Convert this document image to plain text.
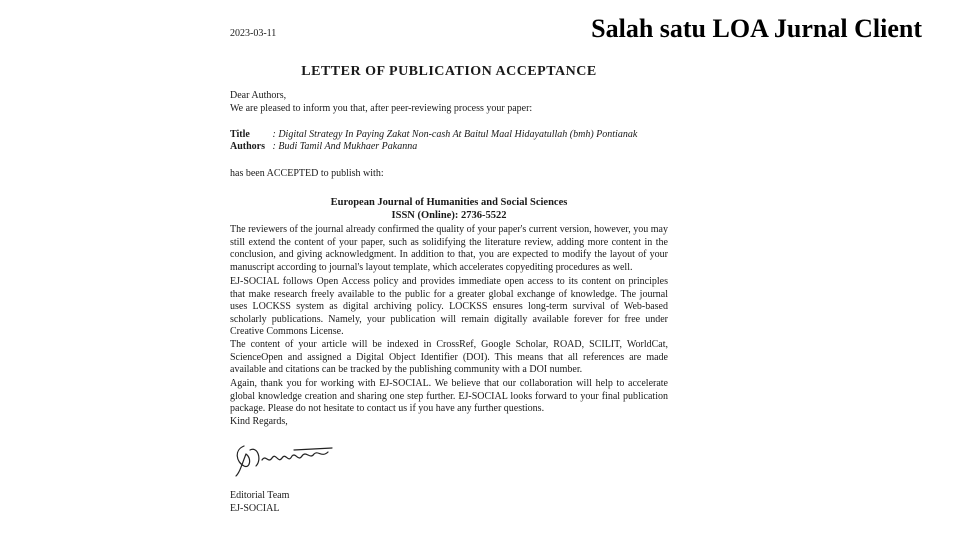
Salah satu LOA Jurnal Client
2023-03-11
LETTER OF PUBLICATION ACCEPTANCE
Dear Authors,
We are pleased to inform you that, after peer-reviewing process your paper:
Title : Digital Strategy In Paying Zakat Non-cash At Baitul Maal Hidayatullah (bmh) Pontianak
Authors : Budi Tamil And Mukhaer Pakanna
has been ACCEPTED to publish with:
European Journal of Humanities and Social Sciences
ISSN (Online): 2736-5522
The reviewers of the journal already confirmed the quality of your paper's current version, however, you may still extend the content of your paper, such as solidifying the literature review, adding more content in the conclusion, and giving acknowledgment. In addition to that, you are expected to modify the layout of your manuscript according to journal's layout template, which accelerates copyediting procedures as well.
EJ-SOCIAL follows Open Access policy and provides immediate open access to its content on principles that make research freely available to the public for a greater global exchange of knowledge. The journal uses LOCKSS system as digital archiving policy. LOCKSS ensures long-term survival of Web-based scholarly publications. Namely, your publication will remain digitally available forever for free under Creative Commons License.
The content of your article will be indexed in CrossRef, Google Scholar, ROAD, SCILIT, WorldCat, ScienceOpen and assigned a Digital Object Identifier (DOI). This means that all references are made available and citations can be tracked by the publishing community with a DOI number.
Again, thank you for working with EJ-SOCIAL. We believe that our collaboration will help to accelerate global knowledge creation and sharing one step further. EJ-SOCIAL looks forward to your final publication package. Please do not hesitate to contact us if you have any further questions.
Kind Regards,
Editorial Team
EJ-SOCIAL
